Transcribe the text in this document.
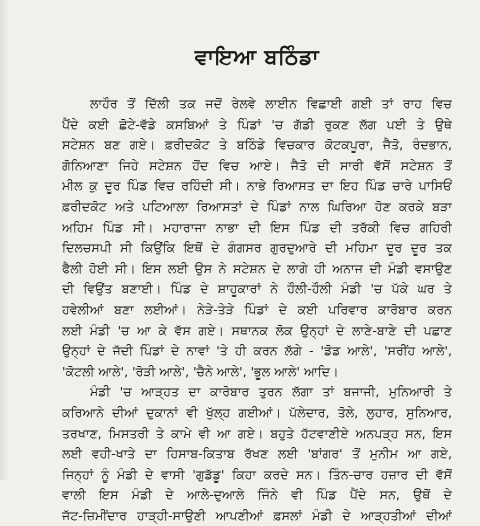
ਵਾਇਆ ਬਠਿੰਡਾ
ਲਾਹੌਰ ਤੋਂ ਦਿੱਲੀ ਤਕ ਜਦੋਂ ਰੇਲਵੇ ਲਾਈਨ ਵਿਛਾਈ ਗਈ ਤਾਂ ਰਾਹ ਵਿਚ
ਪੈਂਦੇ ਕਈ ਛੋਟੇ-ਵੱਡੇ ਕਸਬਿਆਂ ਤੇ ਪਿੰਡਾਂ 'ਚ ਗੱਡੀ ਰੁਕਣ ਲੱਗ ਪਈ ਤੇ ਉਥੇ
ਸਟੇਸ਼ਨ ਬਣ ਗਏ। ਫ਼ਰੀਦਕੋਟ ਤੇ ਬਠਿੰਡੇ ਵਿਚਕਾਰ ਕੋਟਕਪੂਰਾ, ਜੈਤੋ, ਰੰਦਭਾਨ,
ਗੋਨਿਆਣਾ ਜਿਹੇ ਸਟੇਸ਼ਨ ਹੋਂਦ ਵਿਚ ਆਏ। ਜੈਤੋ ਦੀ ਸਾਰੀ ਵੱਸੋਂ ਸਟੇਸ਼ਨ ਤੋਂ
ਮੀਲ ਕੁ ਦੂਰ ਪਿੰਡ ਵਿਚ ਰਹਿੰਦੀ ਸੀ। ਨਾਭੇ ਰਿਆਸਤ ਦਾ ਇਹ ਪਿੰਡ ਚਾਰੇ ਪਾਸਿਓਂ
ਫ਼ਰੀਦਕੋਟ ਅਤੇ ਪਟਿਆਲਾ ਰਿਆਸਤਾਂ ਦੇ ਪਿੰਡਾਂ ਨਾਲ ਘਿਰਿਆ ਹੋਣ ਕਰਕੇ ਬੜਾ
ਅਹਿਮ ਪਿੰਡ ਸੀ। ਮਹਾਰਾਜਾ ਨਾਭਾ ਦੀ ਇਸ ਪਿੰਡ ਦੀ ਤਰੱਕੀ ਵਿਚ ਗਹਿਰੀ
ਦਿਲਚਸਪੀ ਸੀ ਕਿਉਂਕਿ ਇਥੋਂ ਦੇ ਗੰਗਸਰ ਗੁਰਦੁਆਰੇ ਦੀ ਮਹਿਮਾ ਦੂਰ ਦੂਰ ਤਕ
ਫੈਲੀ ਹੋਈ ਸੀ। ਇਸ ਲਈ ਉਸ ਨੇ ਸਟੇਸ਼ਨ ਦੇ ਲਾਗੇ ਹੀ ਅਨਾਜ ਦੀ ਮੰਡੀ ਵਸਾਉਣ
ਦੀ ਵਿਉਂਤ ਬਣਾਈ। ਪਿੰਡ ਦੇ ਸ਼ਾਹੂਕਾਰਾਂ ਨੇ ਹੌਲੀ-ਹੌਲੀ ਮੰਡੀ 'ਚ ਪੱਕੇ ਘਰ ਤੇ
ਹਵੇਲੀਆਂ ਬਣਾ ਲਈਆਂ। ਨੇੜੇ-ਤੇੜੇ ਪਿੰਡਾਂ ਦੇ ਕਈ ਪਰਿਵਾਰ ਕਾਰੋਬਾਰ ਕਰਨ
ਲਈ ਮੰਡੀ 'ਚ ਆ ਕੇ ਵੱਸ ਗਏ। ਸਥਾਨਕ ਲੋਕ ਉਨ੍ਹਾਂ ਦੇ ਲਾਣੇ-ਬਾਣੇ ਦੀ ਪਛਾਣ
ਉਨ੍ਹਾਂ ਦੇ ਜੱਦੀ ਪਿੰਡਾਂ ਦੇ ਨਾਵਾਂ 'ਤੇ ਹੀ ਕਰਨ ਲੱਗੇ - 'ਡੋਡ ਆਲੇ', 'ਸਰੀਂਹ ਆਲੇ',
'ਕੋਟਲੀ ਆਲੇ', 'ਰੋੜੀ ਆਲੇ', 'ਚੈਨੇ ਆਲੇ', 'ਭੂਲ ਆਲੇ' ਆਦਿ।
ਮੰਡੀ 'ਚ ਆੜ੍ਹਤ ਦਾ ਕਾਰੋਬਾਰ ਤੁਰਨ ਲੱਗਾ ਤਾਂ ਬਜਾਜੀ, ਮੁਨਿਆਰੀ ਤੇ
ਕਰਿਆਨੇ ਦੀਆਂ ਦੁਕਾਨਾਂ ਵੀ ਖੁੱਲ੍ਹ ਗਈਆਂ। ਪੱਲੇਦਾਰ, ਤੋਲੇ, ਲੁਹਾਰ, ਸੁਨਿਆਰ,
ਤਰਖਾਣ, ਮਿਸਤਰੀ ਤੇ ਕਾਮੇ ਵੀ ਆ ਗਏ। ਬਹੁਤੇ ਹੱਟਵਾਣੀਏ ਅਨਪੜ੍ਹ ਸਨ, ਇਸ
ਲਈ ਵਹੀ-ਖਾਤੇ ਦਾ ਹਿਸਾਬ-ਕਿਤਾਬ ਰੱਖਣ ਲਈ 'ਬਾਂਗਰ' ਤੋਂ ਮੁਨੀਮ ਆ ਗਏ,
ਜਿਨ੍ਹਾਂ ਨੂੰ ਮੰਡੀ ਦੇ ਵਾਸੀ 'ਗੁਡੱਡੂ' ਕਿਹਾ ਕਰਦੇ ਸਨ। ਤਿੰਨ-ਚਾਰ ਹਜ਼ਾਰ ਦੀ ਵੱਸੋਂ
ਵਾਲੀ ਇਸ ਮੰਡੀ ਦੇ ਆਲੇ-ਦੁਆਲੇ ਜਿੰਨੇ ਵੀ ਪਿੰਡ ਪੈਂਦੇ ਸਨ, ਉਥੋਂ ਦੇ
ਜੱਟ-ਜ਼ਿਮੀਂਦਾਰ ਹਾੜ੍ਹੀ-ਸਾਉਣੀ ਆਪਣੀਆਂ ਫ਼ਸਲਾਂ ਮੰਡੀ ਦੇ ਆੜ੍ਹਤੀਆਂ ਦੀਆਂ
